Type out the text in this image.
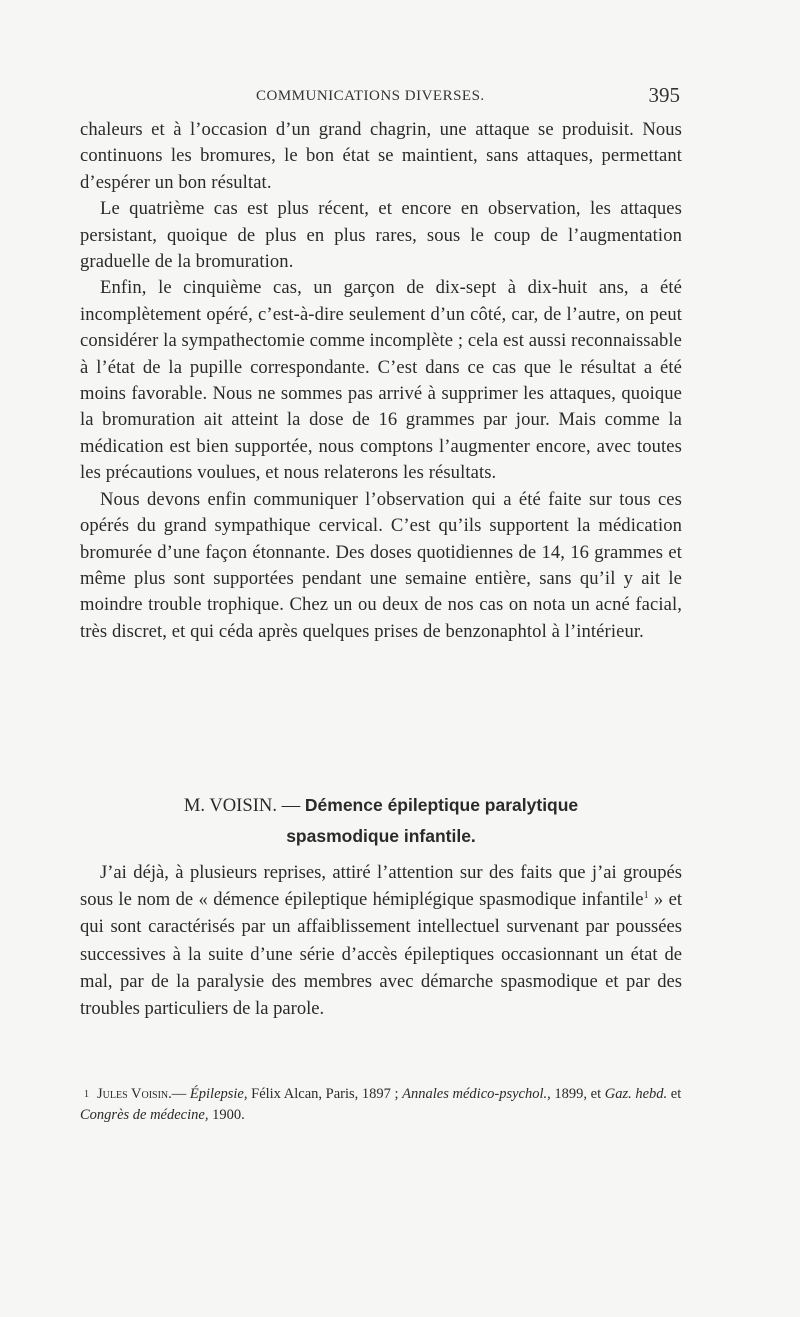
COMMUNICATIONS DIVERSES.	395

chaleurs et à l’occasion d’un grand chagrin, une attaque se produisit. Nous continuons les bromures, le bon état se maintient, sans attaques, permettant d’espérer un bon résultat.

Le quatrième cas est plus récent, et encore en observation, les attaques persistant, quoique de plus en plus rares, sous le coup de l’augmentation graduelle de la bromuration.

Enfin, le cinquième cas, un garçon de dix-sept à dix-huit ans, a été incomplètement opéré, c’est-à-dire seulement d’un côté, car, de l’autre, on peut considérer la sympathectomie comme incomplète ; cela est aussi reconnaissable à l’état de la pupille correspondante. C’est dans ce cas que le résultat a été moins favorable. Nous ne sommes pas arrivé à supprimer les attaques, quoique la bromuration ait atteint la dose de 16 grammes par jour. Mais comme la médication est bien supportée, nous comptons l’augmenter encore, avec toutes les précautions voulues, et nous relaterons les résultats.

Nous devons enfin communiquer l’observation qui a été faite sur tous ces opérés du grand sympathique cervical. C’est qu’ils supportent la médication bromurée d’une façon étonnante. Des doses quotidiennes de 14, 16 grammes et même plus sont supportées pendant une semaine entière, sans qu’il y ait le moindre trouble trophique. Chez un ou deux de nos cas on nota un acné facial, très discret, et qui céda après quelques prises de benzonaphtol à l’intérieur.

M. VOISIN. — Démence épileptique paralytique
spasmodique infantile.

J’ai déjà, à plusieurs reprises, attiré l’attention sur des faits que j’ai groupés sous le nom de « démence épileptique hémiplégique spasmodique infantile$^1$ » et qui sont caractérisés par un affaiblissement intellectuel survenant par poussées successives à la suite d’une série d’accès épileptiques occasionnant un état de mal, par de la paralysie des membres avec démarche spasmodique et par des troubles particuliers de la parole.

$^1$ Jules Voisin.— Épilepsie, Félix Alcan, Paris, 1897 ; Annales médico-psychol., 1899, et Gaz. hebd. et Congrès de médecine, 1900.
